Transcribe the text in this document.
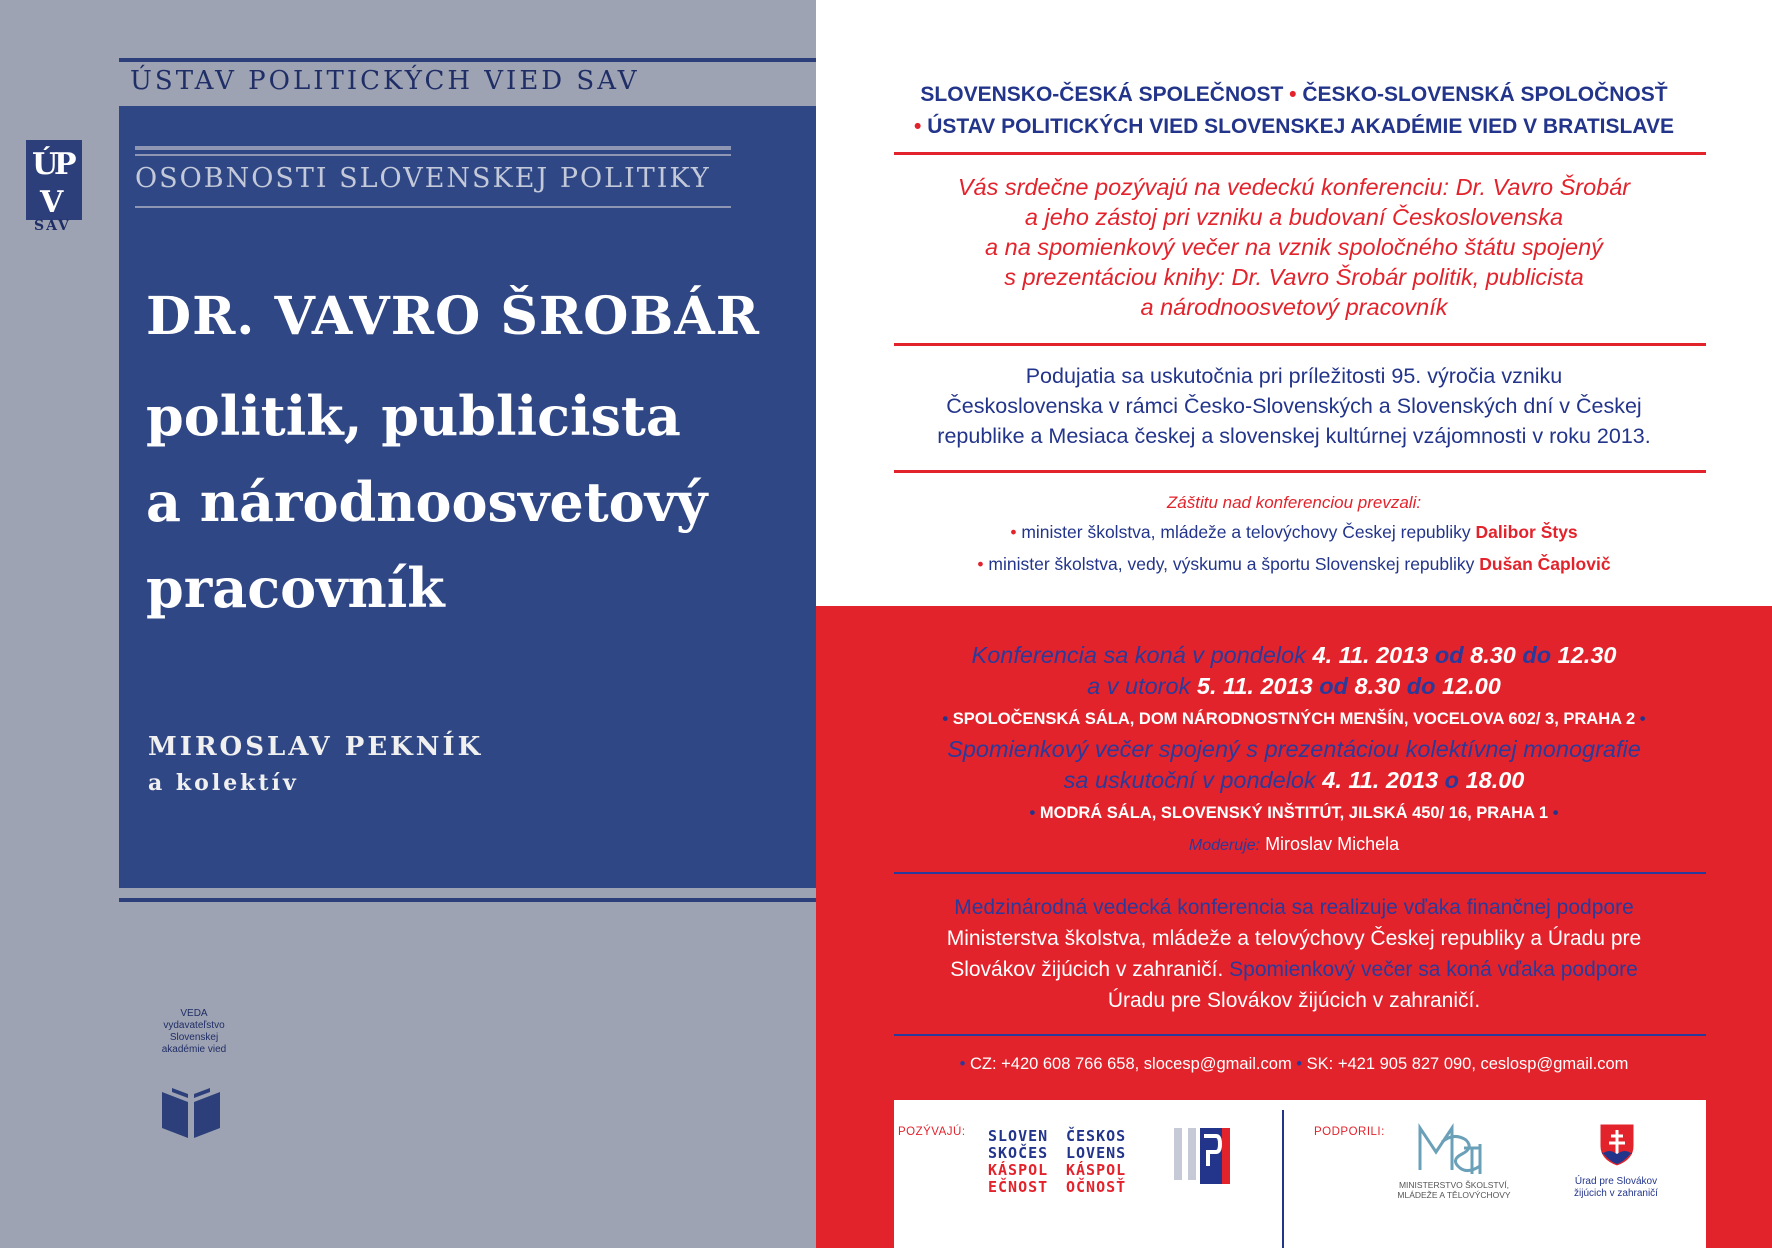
ÚSTAV POLITICKÝCH VIED SAV
Ú
P
V
SAV
OSOBNOSTI SLOVENSKEJ POLITIKY
DR. VAVRO ŠROBÁR
politik, publicista
a národnoosvetový
pracovník
MIROSLAV PEKNÍK
a kolektív
VEDA
vydavateľstvo
Slovenskej
akadémie vied
SLOVENSKO-ČESKÁ SPOLEČNOST • ČESKO-SLOVENSKÁ SPOLOČNOSŤ
• ÚSTAV POLITICKÝCH VIED SLOVENSKEJ AKADÉMIE VIED V BRATISLAVE
Vás srdečne pozývajú na vedeckú konferenciu: Dr. Vavro Šrobár
a jeho zástoj pri vzniku a budovaní Československa
a na spomienkový večer na vznik spoločného štátu spojený
s prezentáciou knihy: Dr. Vavro Šrobár politik, publicista
a národnoosvetový pracovník
Podujatia sa uskutočnia pri príležitosti 95. výročia vzniku
Československa v rámci Česko-Slovenských a Slovenských dní v Českej
republike a Mesiaca českej a slovenskej kultúrnej vzájomnosti v roku 2013.
Záštitu nad konferenciou prevzali:
• minister školstva, mládeže a telovýchovy Českej republiky Dalibor Štys
• minister školstva, vedy, výskumu a športu Slovenskej republiky Dušan Čaplovič
Konferencia sa koná v pondelok 4. 11. 2013 od 8.30 do 12.30
a v utorok 5. 11. 2013 od 8.30 do 12.00
• SPOLOČENSKÁ SÁLA, DOM NÁRODNOSTNÝCH MENŠÍN, VOCELOVA 602/ 3, PRAHA 2 •
Spomienkový večer spojený s prezentáciou kolektívnej monografie
sa uskutoční v pondelok 4. 11. 2013 o 18.00
• MODRÁ SÁLA, SLOVENSKÝ INŠTITÚT, JILSKÁ 450/ 16, PRAHA 1 •
Moderuje: Miroslav Michela
Medzinárodná vedecká konferencia sa realizuje vďaka finančnej podpore
Ministerstva školstva, mládeže a telovýchovy Českej republiky a Úradu pre
Slovákov žijúcich v zahraničí. Spomienkový večer sa koná vďaka podpore
Úradu pre Slovákov žijúcich v zahraničí.
• CZ: +420 608 766 658, slocesp@gmail.com • SK: +421 905 827 090, ceslosp@gmail.com
POZÝVAJÚ: SLOVEN
SKOČES
KÁSPOL
EČNOST
ČESKOS
LOVENS
KÁSPOL
OČNOSŤ
PODPORILI:
MINISTERSTVO ŠKOLSTVÍ,
MLÁDEŽE A TĚLOVÝCHOVY
Úrad pre Slovákov
žijúcich v zahraničí
